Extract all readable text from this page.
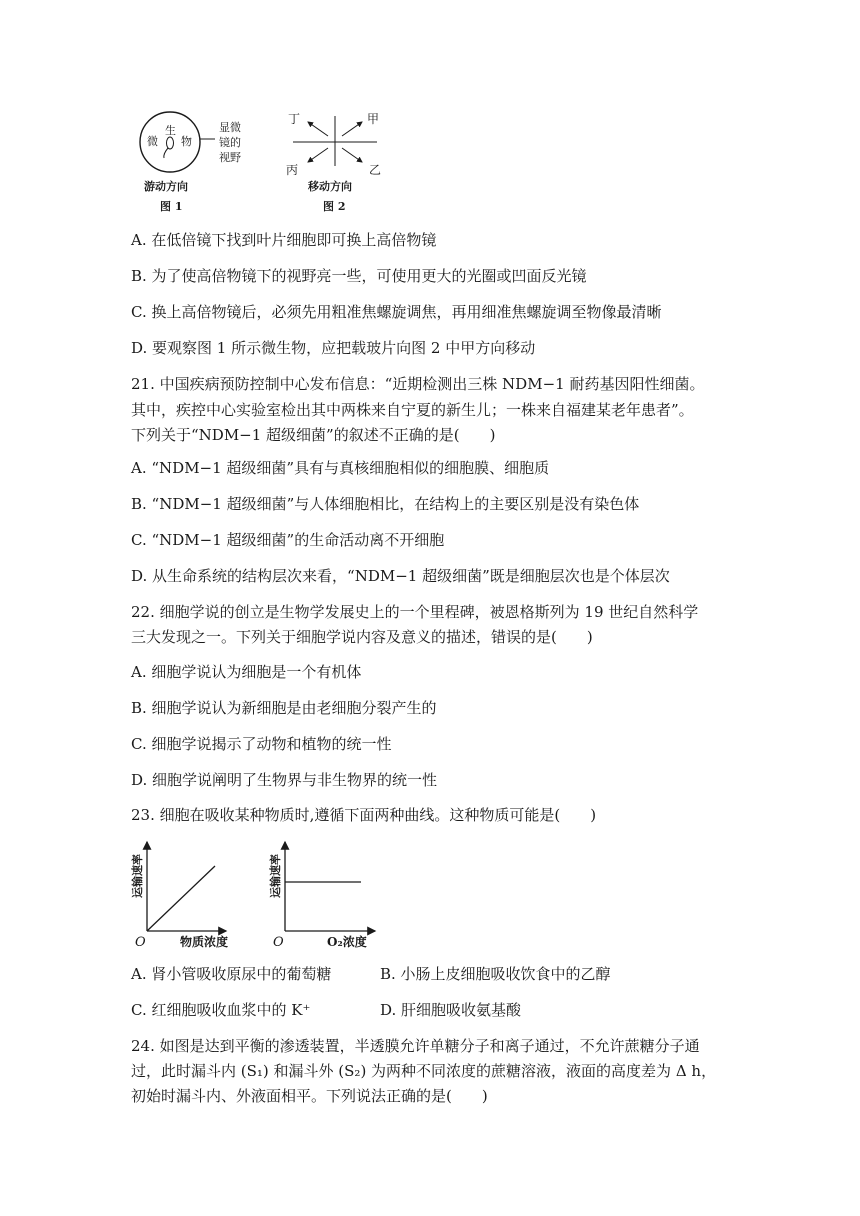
生
微 物
显微
镜的
视野
游动方向
图 1
丁	甲
丙	乙
移动方向
图 2
A. 在低倍镜下找到叶片细胞即可换上高倍物镜
B. 为了使高倍物镜下的视野亮一些，可使用更大的光圈或凹面反光镜
C. 换上高倍物镜后，必须先用粗准焦螺旋调焦，再用细准焦螺旋调至物像最清晰
D. 要观察图 1 所示微生物，应把载玻片向图 2 中甲方向移动
21. 中国疾病预防控制中心发布信息：“近期检测出三株 NDM−1 耐药基因阳性细菌。
其中，疾控中心实验室检出其中两株来自宁夏的新生儿；一株来自福建某老年患者”。
下列关于“NDM−1 超级细菌”的叙述不正确的是(　　)
A. “NDM−1 超级细菌”具有与真核细胞相似的细胞膜、细胞质
B. “NDM−1 超级细菌”与人体细胞相比，在结构上的主要区别是没有染色体
C. “NDM−1 超级细菌”的生命活动离不开细胞
D. 从生命系统的结构层次来看，“NDM−1 超级细菌”既是细胞层次也是个体层次
22. 细胞学说的创立是生物学发展史上的一个里程碑，被恩格斯列为 19 世纪自然科学
三大发现之一。下列关于细胞学说内容及意义的描述，错误的是(　　)
A. 细胞学说认为细胞是一个有机体
B. 细胞学说认为新细胞是由老细胞分裂产生的
C. 细胞学说揭示了动物和植物的统一性
D. 细胞学说阐明了生物界与非生物界的统一性
23. 细胞在吸收某种物质时,遵循下面两种曲线。这种物质可能是(　　)
O	物质浓度
运输速率
O	O₂浓度
运输速率
A. 肾小管吸收原尿中的葡萄糖	B. 小肠上皮细胞吸收饮食中的乙醇
C. 红细胞吸收血浆中的 K⁺	D. 肝细胞吸收氨基酸
24. 如图是达到平衡的渗透装置，半透膜允许单糖分子和离子通过，不允许蔗糖分子通
过，此时漏斗内 (S₁) 和漏斗外 (S₂) 为两种不同浓度的蔗糖溶液，液面的高度差为 Δ h，
初始时漏斗内、外液面相平。下列说法正确的是(　　)
